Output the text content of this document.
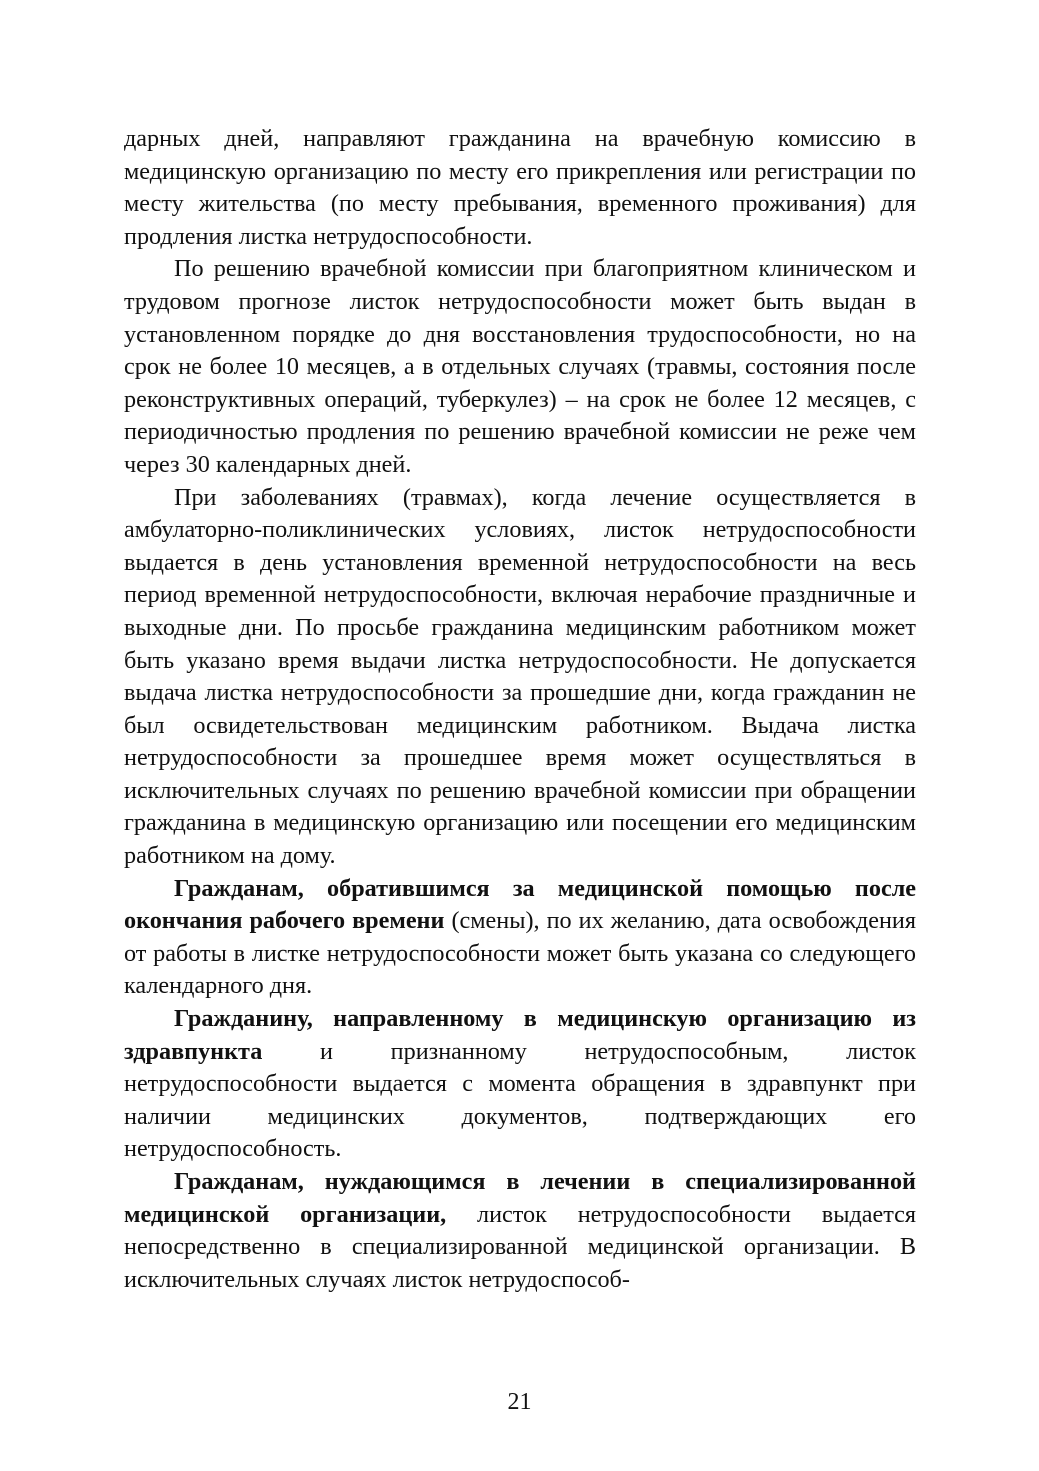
дарных дней, направляют гражданина на врачебную комиссию в медицинскую организацию по месту его прикрепления или регистрации по месту жительства (по месту пребывания, временного проживания) для продления листка нетрудоспособности.

По решению врачебной комиссии при благоприятном клиническом и трудовом прогнозе листок нетрудоспособности может быть выдан в установленном порядке до дня восстановления трудоспособности, но на срок не более 10 месяцев, а в отдельных случаях (травмы, состояния после реконструктивных операций, туберкулез) – на срок не более 12 месяцев, с периодичностью продления по решению врачебной комиссии не реже чем через 30 календарных дней.

При заболеваниях (травмах), когда лечение осуществляется в амбулаторно-поликлинических условиях, листок нетрудоспособности выдается в день установления временной нетрудоспособности на весь период временной нетрудоспособности, включая нерабочие праздничные и выходные дни. По просьбе гражданина медицинским работником может быть указано время выдачи листка нетрудоспособности. Не допускается выдача листка нетрудоспособности за прошедшие дни, когда гражданин не был освидетельствован медицинским работником. Выдача листка нетрудоспособности за прошедшее время может осуществляться в исключительных случаях по решению врачебной комиссии при обращении гражданина в медицинскую организацию или посещении его медицинским работником на дому.

Гражданам, обратившимся за медицинской помощью после окончания рабочего времени (смены), по их желанию, дата освобождения от работы в листке нетрудоспособности может быть указана со следующего календарного дня.

Гражданину, направленному в медицинскую организацию из здравпункта и признанному нетрудоспособным, листок нетрудоспособности выдается с момента обращения в здравпункт при наличии медицинских документов, подтверждающих его нетрудоспособность.

Гражданам, нуждающимся в лечении в специализированной медицинской организации, листок нетрудоспособности выдается непосредственно в специализированной медицинской организации. В исключительных случаях листок нетрудоспособ-

21
